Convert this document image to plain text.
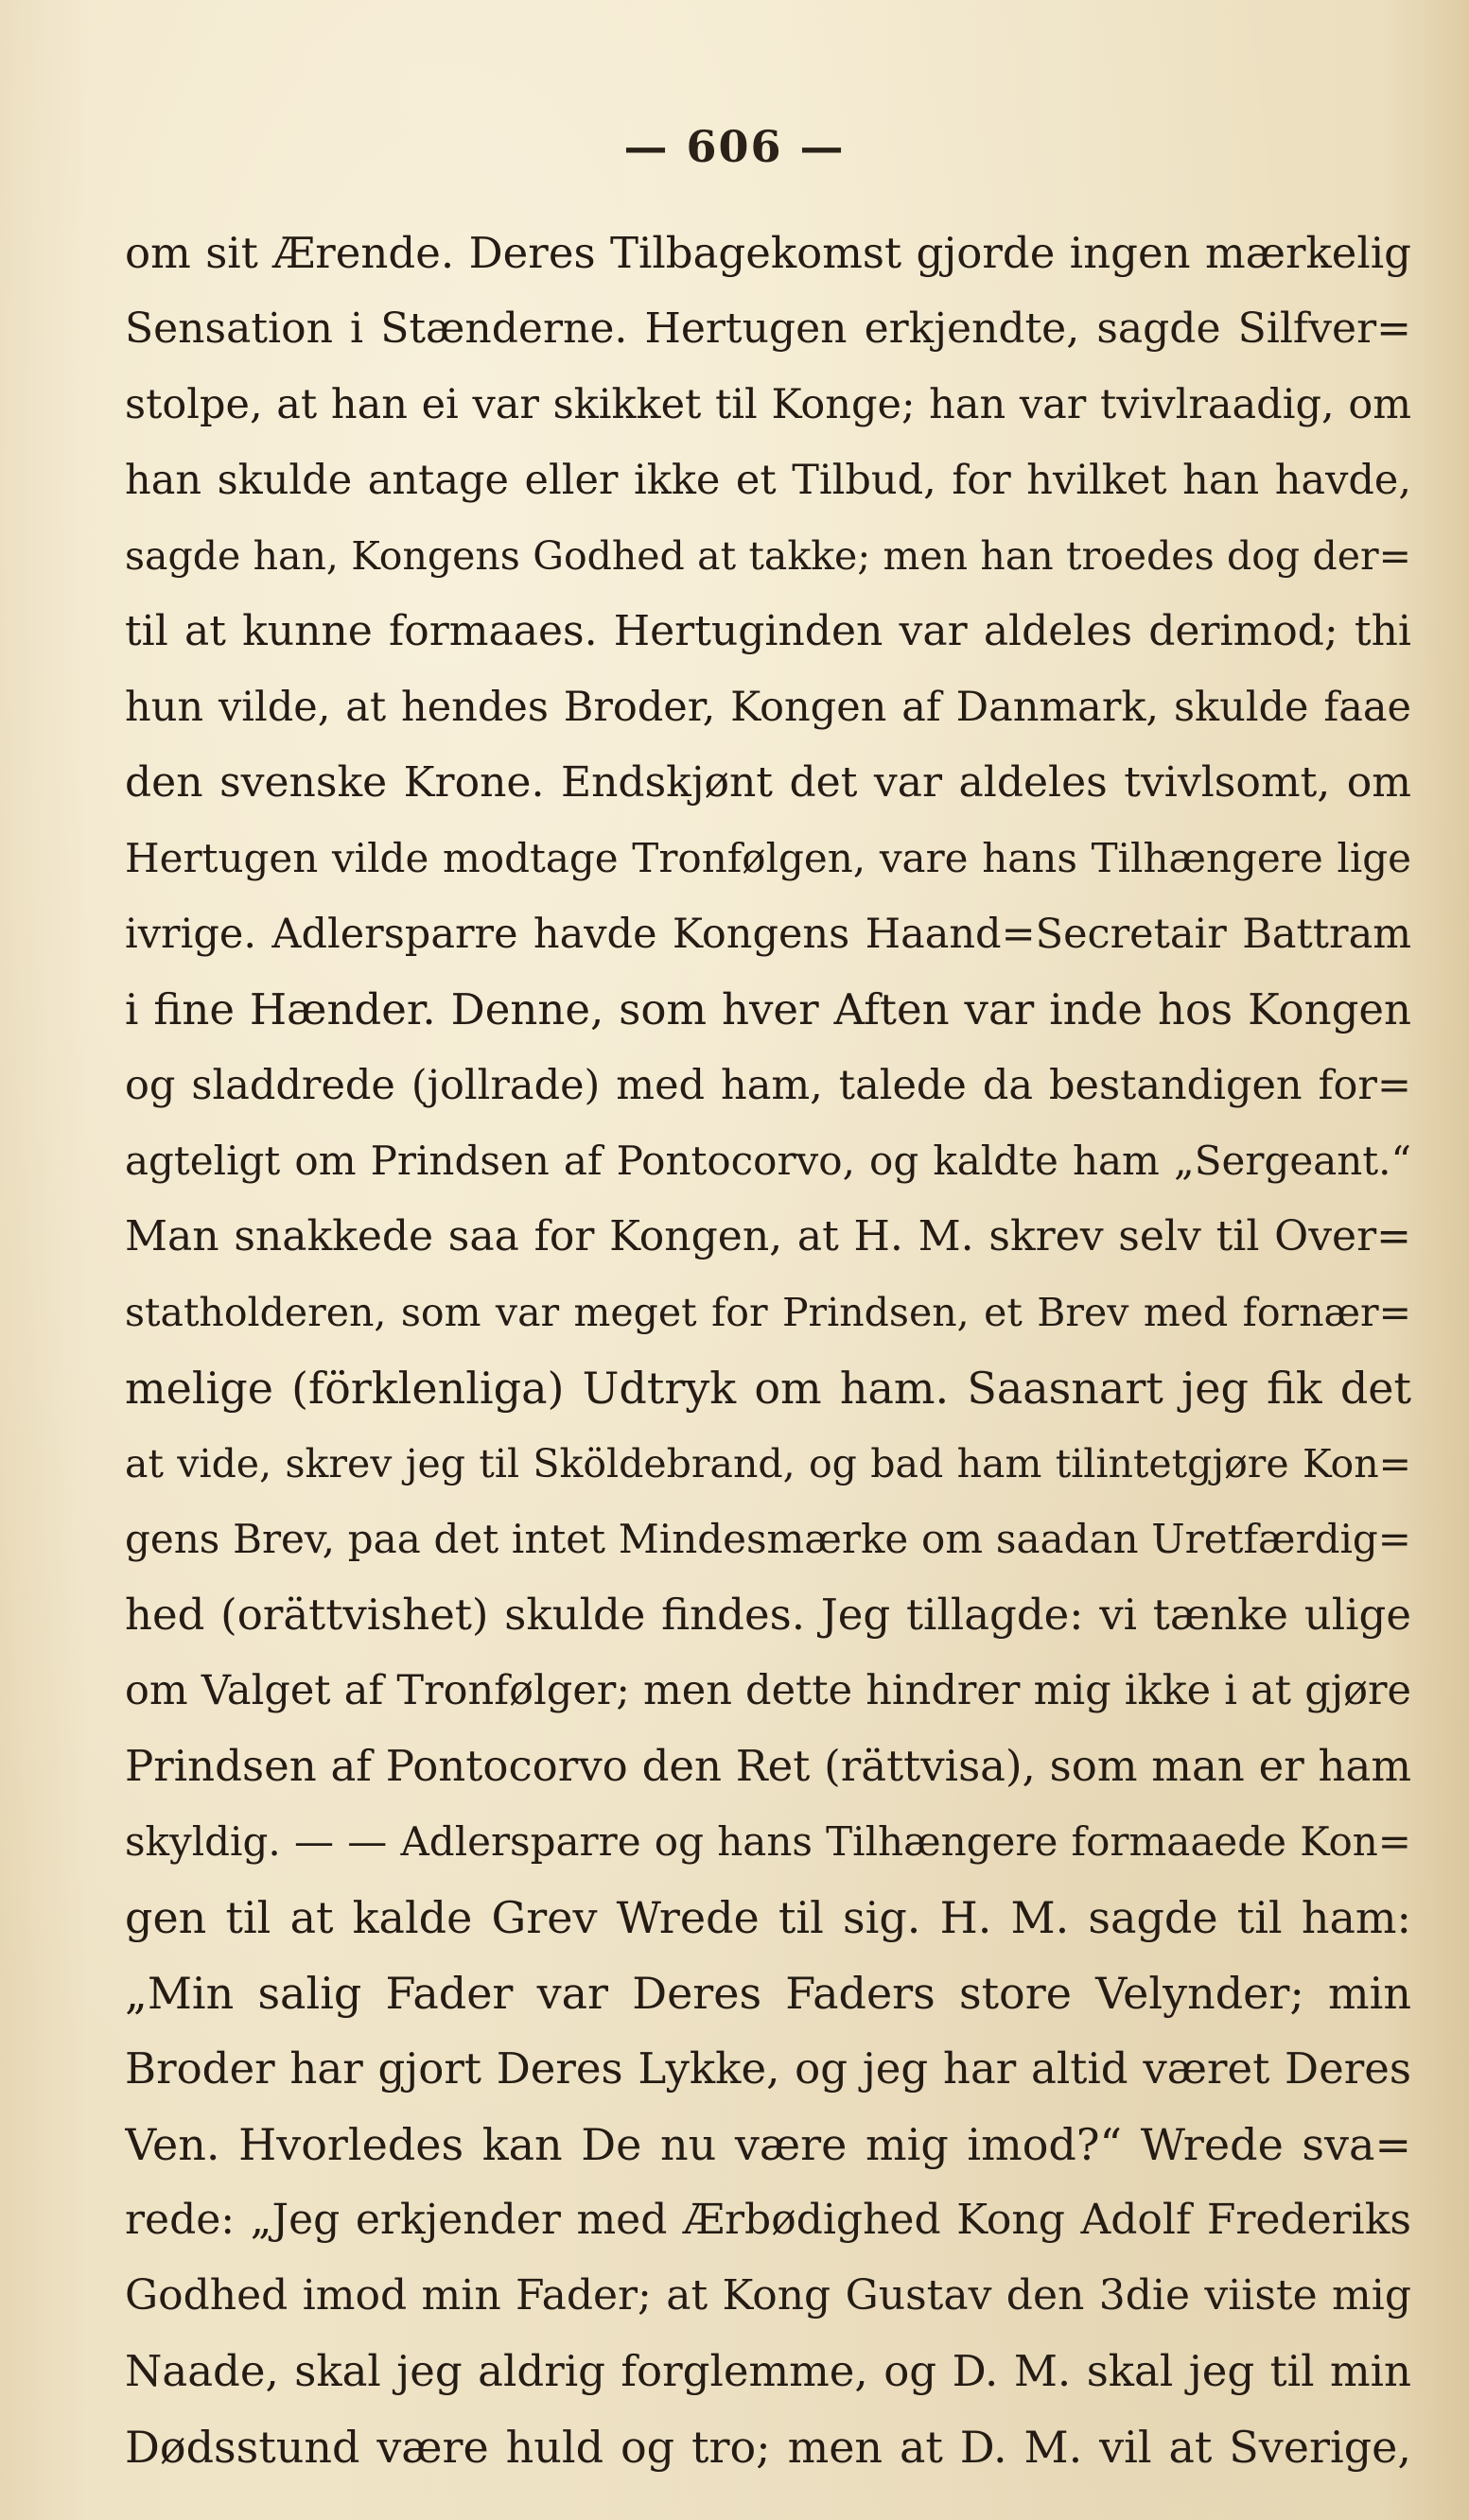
— 606 —
om sit Ærende. Deres Tilbagekomst gjorde ingen mærkelig
Sensation i Stænderne. Hertugen erkjendte, sagde Silfver=
stolpe, at han ei var skikket til Konge; han var tvivlraadig, om
han skulde antage eller ikke et Tilbud, for hvilket han havde,
sagde han, Kongens Godhed at takke; men han troedes dog der=
til at kunne formaaes. Hertuginden var aldeles derimod; thi
hun vilde, at hendes Broder, Kongen af Danmark, skulde faae
den svenske Krone. Endskjønt det var aldeles tvivlsomt, om
Hertugen vilde modtage Tronfølgen, vare hans Tilhængere lige
ivrige. Adlersparre havde Kongens Haand=Secretair Battram
i fine Hænder. Denne, som hver Aften var inde hos Kongen
og sladdrede (jollrade) med ham, talede da bestandigen for=
agteligt om Prindsen af Pontocorvo, og kaldte ham „Sergeant.“
Man snakkede saa for Kongen, at H. M. skrev selv til Over=
statholderen, som var meget for Prindsen, et Brev med fornær=
melige (förklenliga) Udtryk om ham. Saasnart jeg fik det
at vide, skrev jeg til Sköldebrand, og bad ham tilintetgjøre Kon=
gens Brev, paa det intet Mindesmærke om saadan Uretfærdig=
hed (orättvishet) skulde findes. Jeg tillagde: vi tænke ulige
om Valget af Tronfølger; men dette hindrer mig ikke i at gjøre
Prindsen af Pontocorvo den Ret (rättvisa), som man er ham
skyldig. — — Adlersparre og hans Tilhængere formaaede Kon=
gen til at kalde Grev Wrede til sig. H. M. sagde til ham:
„Min salig Fader var Deres Faders store Velynder; min
Broder har gjort Deres Lykke, og jeg har altid været Deres
Ven. Hvorledes kan De nu være mig imod?“ Wrede sva=
rede: „Jeg erkjender med Ærbødighed Kong Adolf Frederiks
Godhed imod min Fader; at Kong Gustav den 3die viiste mig
Naade, skal jeg aldrig forglemme, og D. M. skal jeg til min
Dødsstund være huld og tro; men at D. M. vil at Sverige,
